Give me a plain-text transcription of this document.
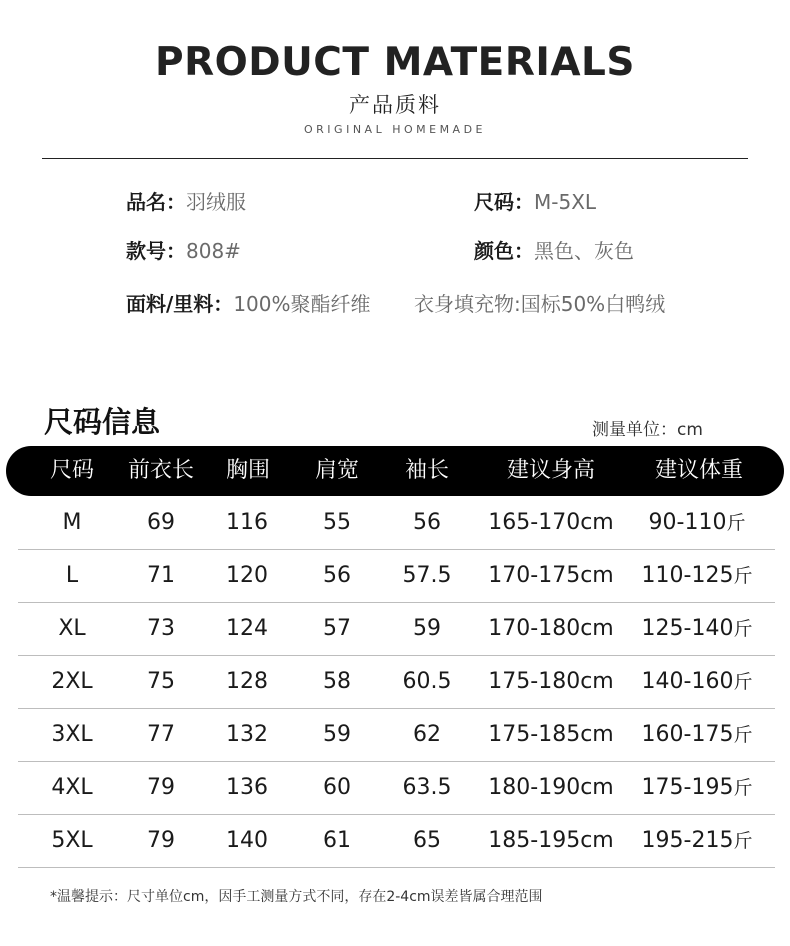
PRODUCT MATERIALS
产品质料
ORIGINAL HOMEMADE
品名：羽绒服	尺码：M-5XL
款号：808#	颜色：黑色、灰色
面料/里料：100%聚酯纤维 衣身填充物:国标50%白鸭绒
尺码信息	测量单位：cm
尺码 前衣长 胸围 肩宽 袖长	建议身高	建议体重
M	69 116	55	56 165-170cm 90-110斤
L	71 120	56 57.5 170-175cm 110-125斤
XL	73 124	57	59 170-180cm 125-140斤
2XL 75 128	58 60.5 175-180cm 140-160斤
3XL 77 132	59	62 175-185cm 160-175斤
4XL 79 136	60 63.5 180-190cm 175-195斤
5XL 79 140	61	65 185-195cm 195-215斤
*温馨提示：尺寸单位cm，因手工测量方式不同，存在2-4cm误差皆属合理范围
